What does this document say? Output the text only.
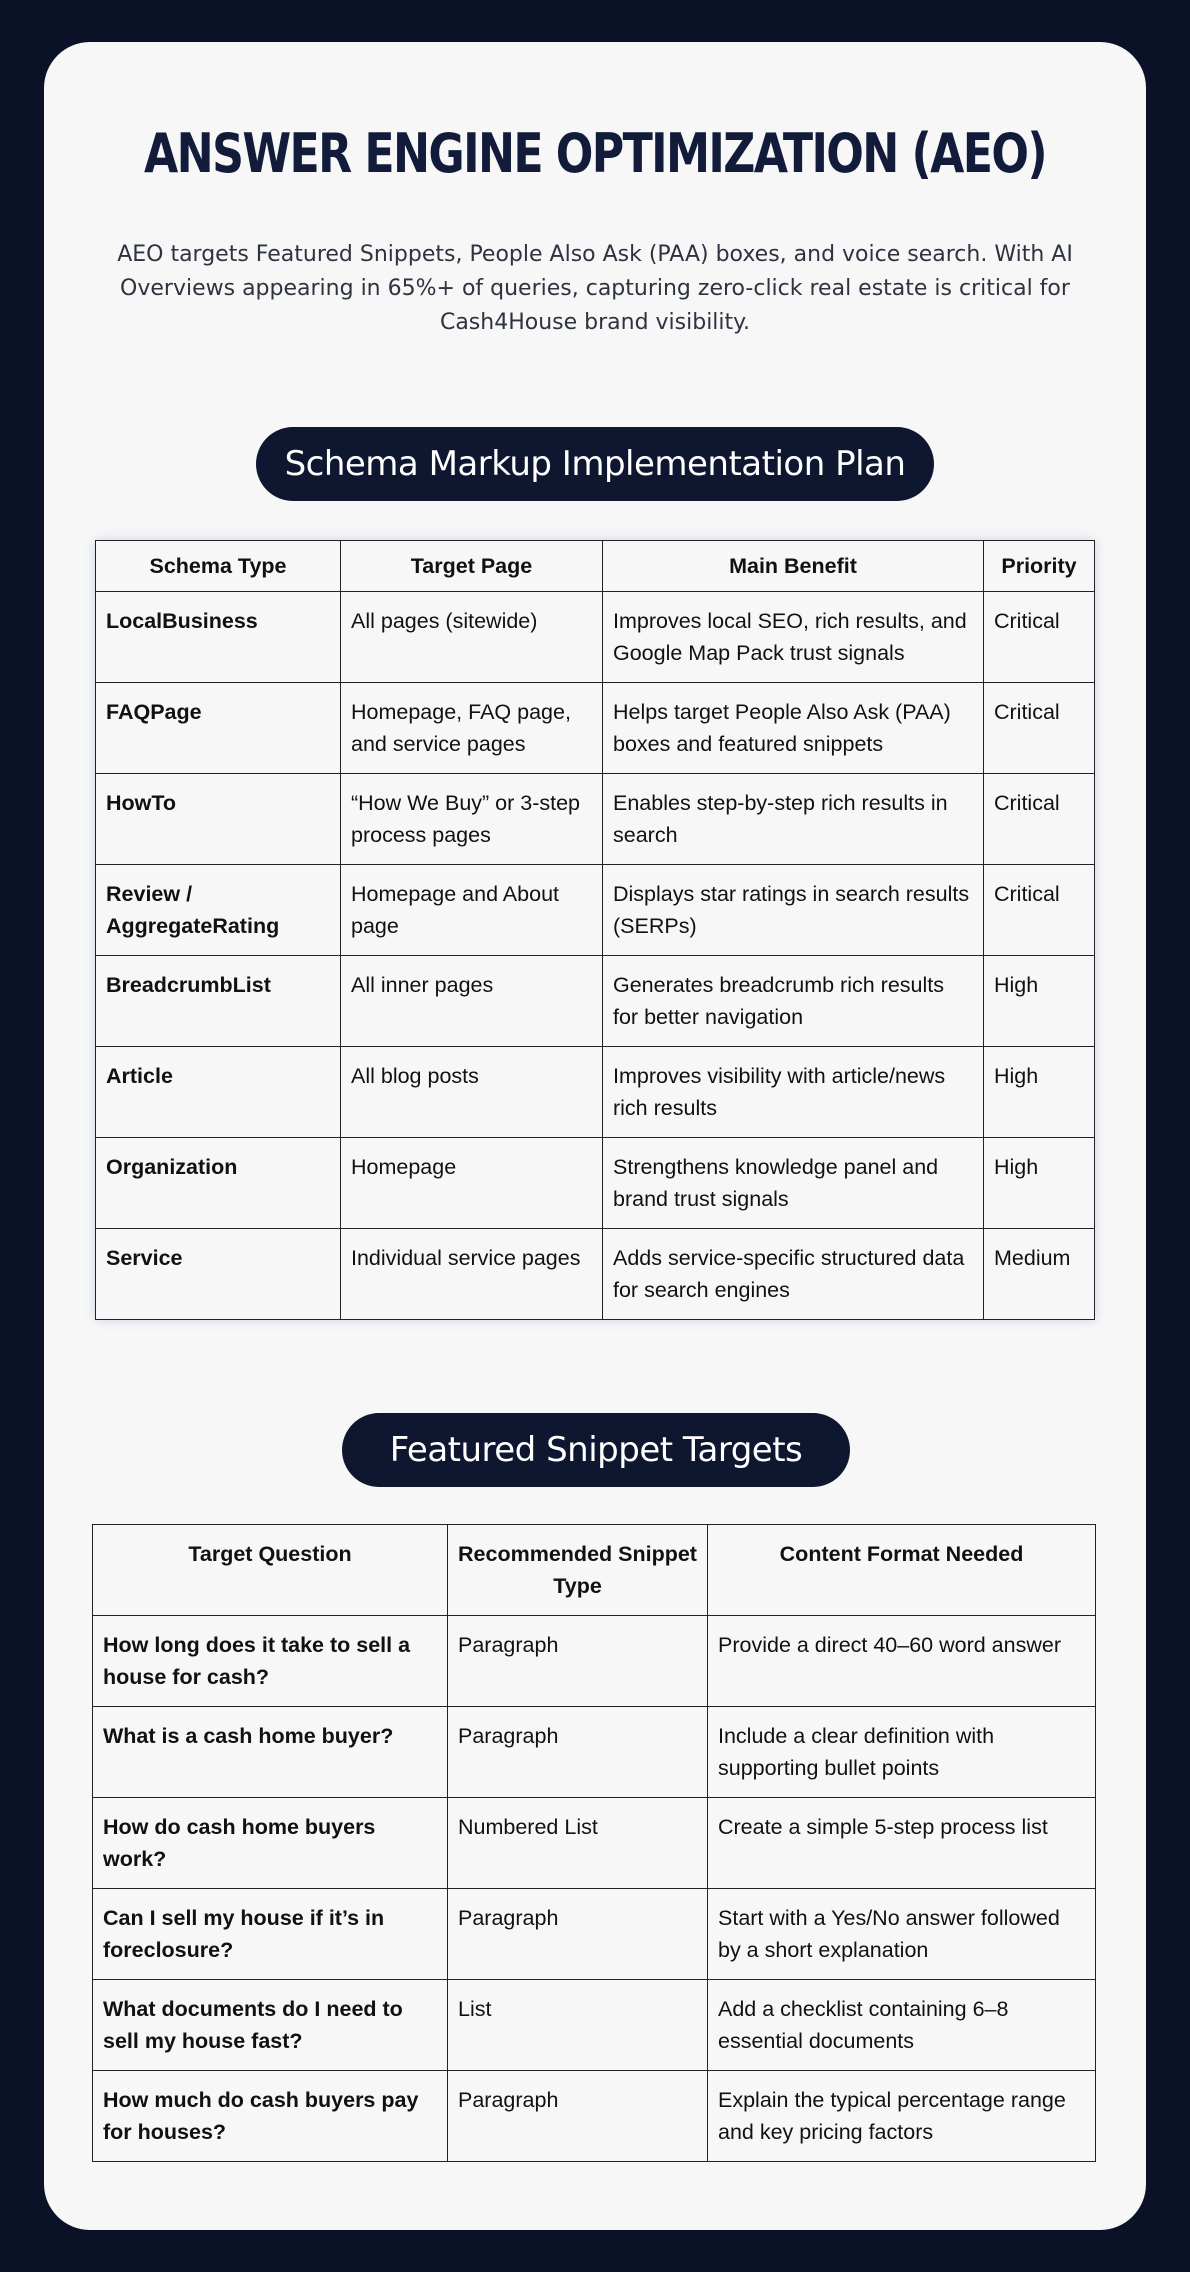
ANSWER ENGINE OPTIMIZATION (AEO)

AEO targets Featured Snippets, People Also Ask (PAA) boxes, and voice search. With AI Overviews appearing in 65%+ of queries, capturing zero-click real estate is critical for Cash4House brand visibility.

Schema Markup Implementation Plan
Schema Type	Target Page	Main Benefit	Priority
LocalBusiness	All pages (sitewide)	Improves local SEO, rich results, and Google Map Pack trust signals	Critical
FAQPage	Homepage, FAQ page, and service pages	Helps target People Also Ask (PAA) boxes and featured snippets	Critical
HowTo	“How We Buy” or 3-step process pages	Enables step-by-step rich results in search	Critical
Review / AggregateRating	Homepage and About page	Displays star ratings in search results (SERPs)	Critical
BreadcrumbList	All inner pages	Generates breadcrumb rich results for better navigation	High
Article	All blog posts	Improves visibility with article/news rich results	High
Organization	Homepage	Strengthens knowledge panel and brand trust signals	High
Service	Individual service pages	Adds service-specific structured data for search engines	Medium
Featured Snippet Targets
Target Question	Recommended Snippet Type	Content Format Needed
How long does it take to sell a house for cash?	Paragraph	Provide a direct 40–60 word answer
What is a cash home buyer?	Paragraph	Include a clear definition with supporting bullet points
How do cash home buyers work?	Numbered List	Create a simple 5-step process list
Can I sell my house if it’s in foreclosure?	Paragraph	Start with a Yes/No answer followed by a short explanation
What documents do I need to sell my house fast?	List	Add a checklist containing 6–8 essential documents
How much do cash buyers pay for houses?	Paragraph	Explain the typical percentage range and key pricing factors
